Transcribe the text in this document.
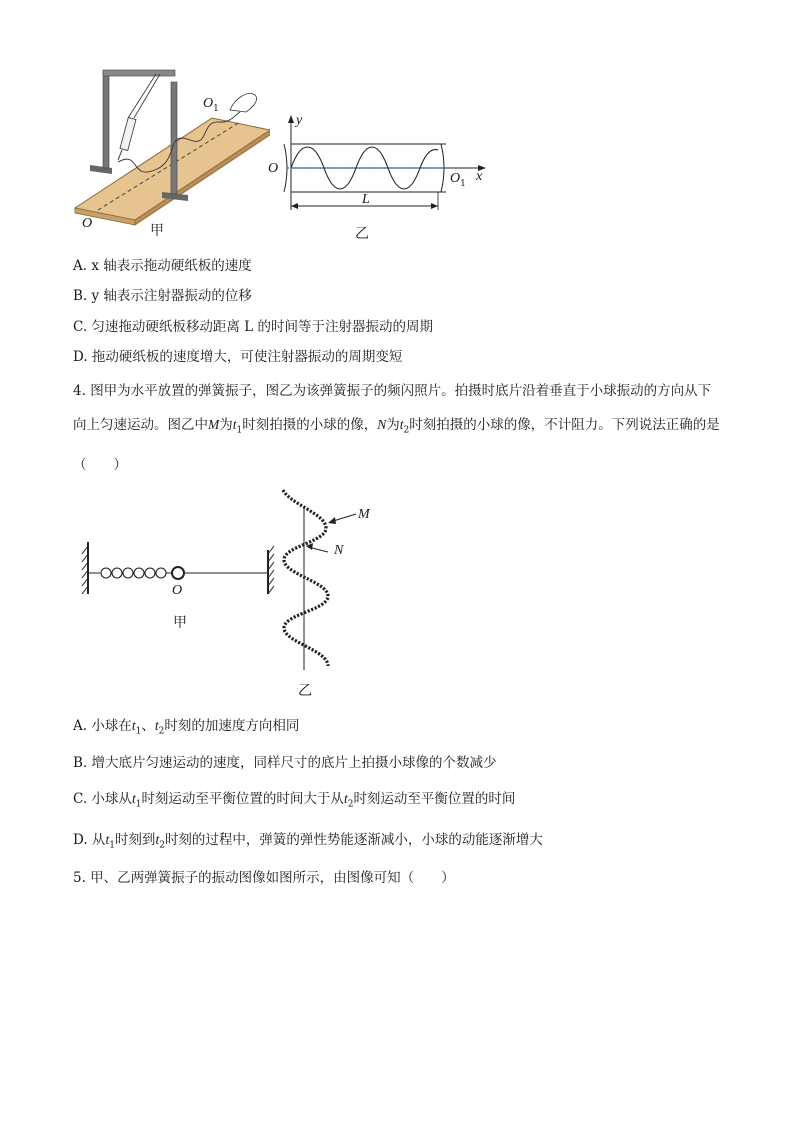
$O_1$
O	甲
y
O
$O_1$ x
L
乙
A. x 轴表示拖动硬纸板的速度
B. y 轴表示注射器振动的位移
C. 匀速拖动硬纸板移动距离 L 的时间等于注射器振动的周期
D. 拖动硬纸板的速度增大，可使注射器振动的周期变短
4. 图甲为水平放置的弹簧振子，图乙为该弹簧振子的频闪照片。拍摄时底片沿着垂直于小球振动的方向从下向上匀速运动。图乙中M为$t_1$时刻拍摄的小球的像，N为$t_2$时刻拍摄的小球的像，不计阻力。下列说法正确的是（　　）
O
M
N
甲
乙
A. 小球在$t_1$、$t_2$时刻的加速度方向相同
B. 增大底片匀速运动的速度，同样尺寸的底片上拍摄小球像的个数减少
C. 小球从$t_1$时刻运动至平衡位置的时间大于从$t_2$时刻运动至平衡位置的时间
D. 从$t_1$时刻到$t_2$时刻的过程中，弹簧的弹性势能逐渐减小，小球的动能逐渐增大
5. 甲、乙两弹簧振子的振动图像如图所示，由图像可知（　　）
